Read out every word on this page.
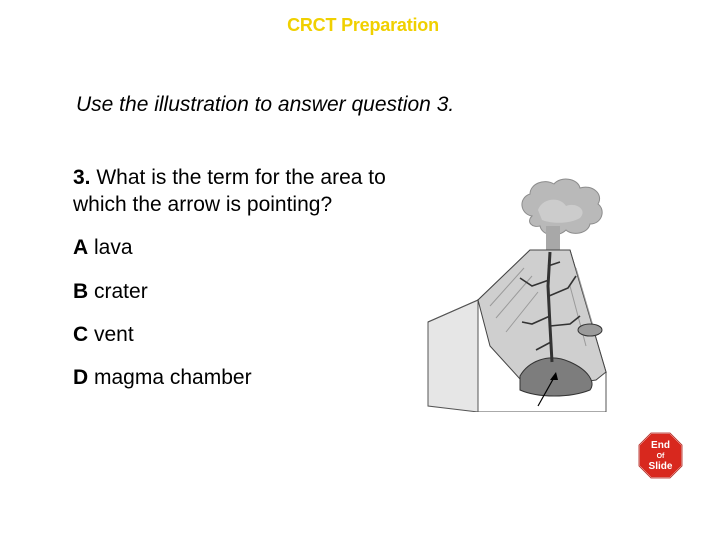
CRCT Preparation
Use the illustration to answer question 3.
3. What is the term for the area to which the arrow is pointing?
A lava
B crater
C vent
D magma chamber
End
Of
Slide
